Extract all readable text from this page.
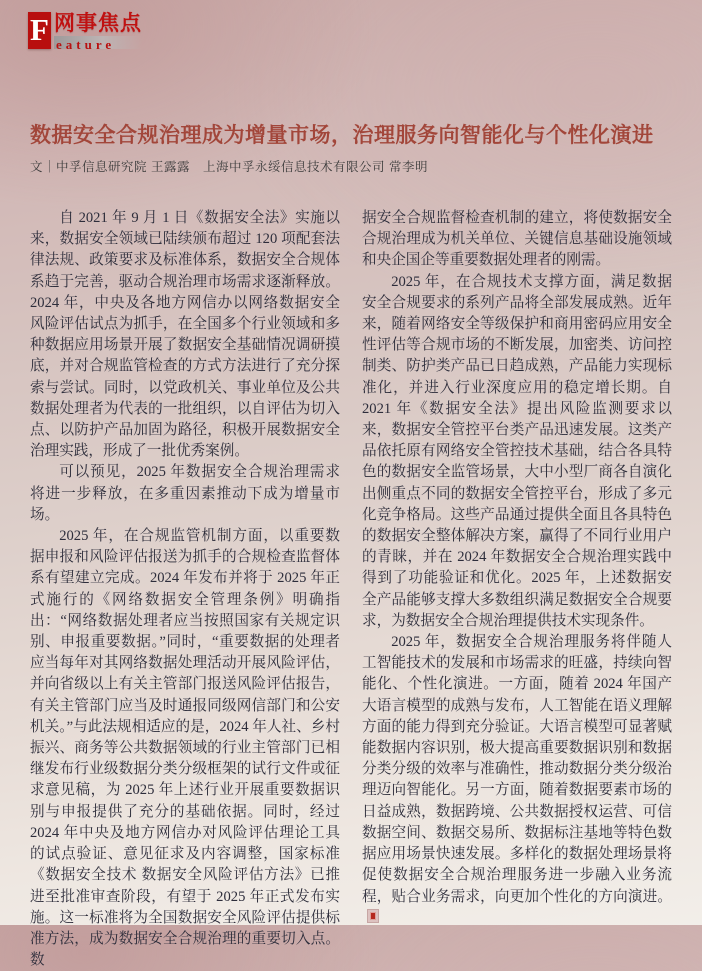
F 网事焦点
eature
数据安全合规治理成为增量市场，治理服务向智能化与个性化演进
文｜中孚信息研究院 王露露　上海中孚永绥信息技术有限公司 常李明

自 2021 年 9 月 1 日《数据安全法》实施以来，数据安全领域已陆续颁布超过 120 项配套法律法规、政策要求及标准体系，数据安全合规体系趋于完善，驱动合规治理市场需求逐渐释放。2024 年，中央及各地方网信办以网络数据安全风险评估试点为抓手，在全国多个行业领域和多种数据应用场景开展了数据安全基础情况调研摸底，并对合规监管检查的方式方法进行了充分探索与尝试。同时，以党政机关、事业单位及公共数据处理者为代表的一批组织，以自评估为切入点、以防护产品加固为路径，积极开展数据安全治理实践，形成了一批优秀案例。

可以预见，2025 年数据安全合规治理需求将进一步释放，在多重因素推动下成为增量市场。

2025 年，在合规监管机制方面，以重要数据申报和风险评估报送为抓手的合规检查监督体系有望建立完成。2024 年发布并将于 2025 年正式施行的《网络数据安全管理条例》明确指出：“网络数据处理者应当按照国家有关规定识别、申报重要数据。”同时，“重要数据的处理者应当每年对其网络数据处理活动开展风险评估，并向省级以上有关主管部门报送风险评估报告，有关主管部门应当及时通报同级网信部门和公安机关。”与此法规相适应的是，2024 年人社、乡村振兴、商务等公共数据领域的行业主管部门已相继发布行业级数据分类分级框架的试行文件或征求意见稿，为 2025 年上述行业开展重要数据识别与申报提供了充分的基础依据。同时，经过 2024 年中央及地方网信办对风险评估理论工具的试点验证、意见征求及内容调整，国家标准《数据安全技术 数据安全风险评估方法》已推进至批准审查阶段，有望于 2025 年正式发布实施。这一标准将为全国数据安全风险评估提供标准方法，成为数据安全合规治理的重要切入点。数

据安全合规监督检查机制的建立，将使数据安全合规治理成为机关单位、关键信息基础设施领域和央企国企等重要数据处理者的刚需。

2025 年，在合规技术支撑方面，满足数据安全合规要求的系列产品将全部发展成熟。近年来，随着网络安全等级保护和商用密码应用安全性评估等合规市场的不断发展，加密类、访问控制类、防护类产品已日趋成熟，产品能力实现标准化，并进入行业深度应用的稳定增长期。自 2021 年《数据安全法》提出风险监测要求以来，数据安全管控平台类产品迅速发展。这类产品依托原有网络安全管控技术基础，结合各具特色的数据安全监管场景，大中小型厂商各自演化出侧重点不同的数据安全管控平台，形成了多元化竞争格局。这些产品通过提供全面且各具特色的数据安全整体解决方案，赢得了不同行业用户的青睐，并在 2024 年数据安全合规治理实践中得到了功能验证和优化。2025 年，上述数据安全产品能够支撑大多数组织满足数据安全合规要求，为数据安全合规治理提供技术实现条件。

2025 年，数据安全合规治理服务将伴随人工智能技术的发展和市场需求的旺盛，持续向智能化、个性化演进。一方面，随着 2024 年国产大语言模型的成熟与发布，人工智能在语义理解方面的能力得到充分验证。大语言模型可显著赋能数据内容识别，极大提高重要数据识别和数据分类分级的效率与准确性，推动数据分类分级治理迈向智能化。另一方面，随着数据要素市场的日益成熟，数据跨境、公共数据授权运营、可信数据空间、数据交易所、数据标注基地等特色数据应用场景快速发展。多样化的数据处理场景将促使数据安全合规治理服务进一步融入业务流程，贴合业务需求，向更加个性化的方向演进。
